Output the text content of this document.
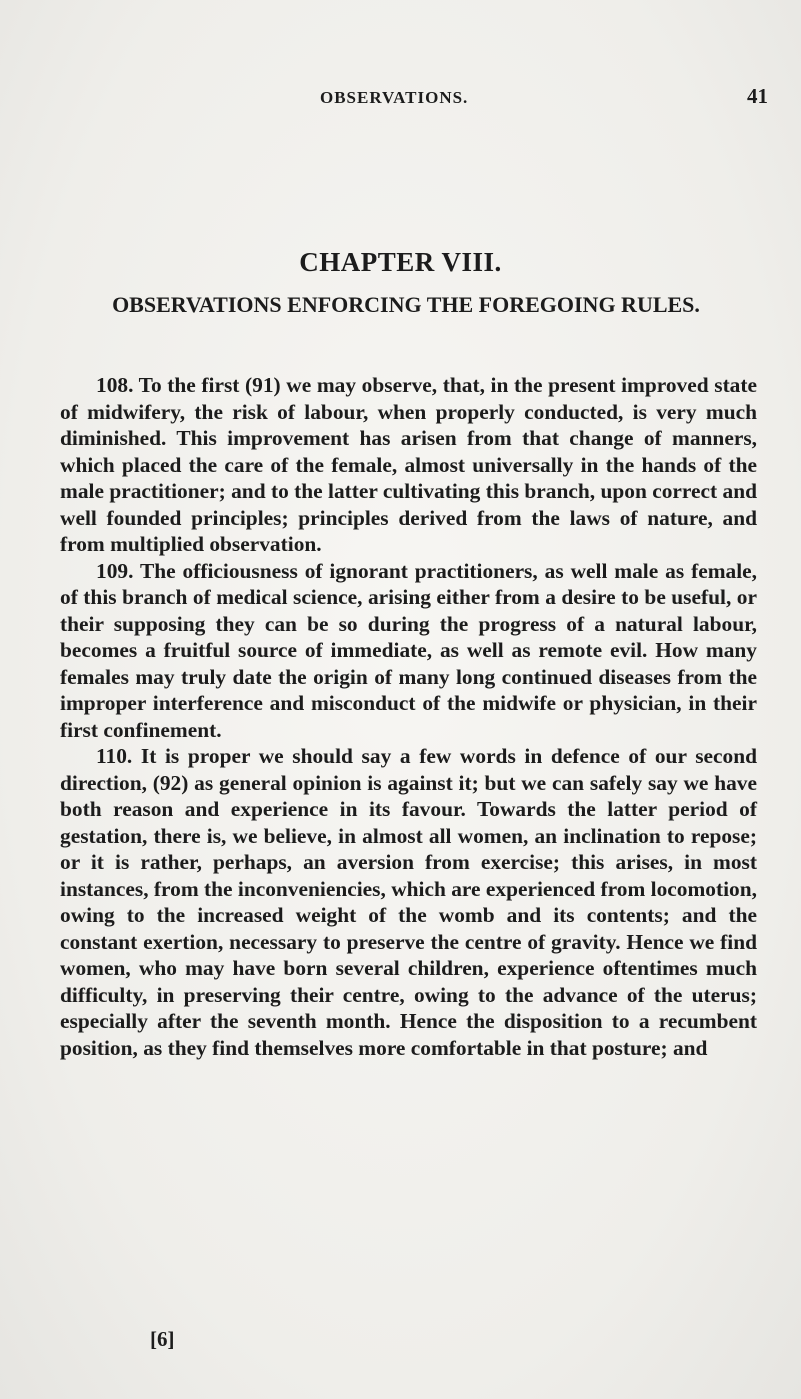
OBSERVATIONS.	41
CHAPTER VIII.
OBSERVATIONS ENFORCING THE FOREGOING RULES.

108. To the first (91) we may observe, that, in the present improved state of midwifery, the risk of labour, when properly conducted, is very much diminished. This improvement has arisen from that change of manners, which placed the care of the female, almost universally in the hands of the male practitioner; and to the latter cultivating this branch, upon correct and well founded principles; principles derived from the laws of nature, and from multiplied observation.

109. The officiousness of ignorant practitioners, as well male as female, of this branch of medical science, arising either from a desire to be useful, or their supposing they can be so during the progress of a natural labour, becomes a fruitful source of immediate, as well as remote evil. How many females may truly date the origin of many long continued diseases from the improper interference and misconduct of the midwife or physician, in their first confinement.

110. It is proper we should say a few words in defence of our second direction, (92) as general opinion is against it; but we can safely say we have both reason and experience in its favour. Towards the latter period of gestation, there is, we believe, in almost all women, an inclination to repose; or it is rather, perhaps, an aversion from exercise; this arises, in most instances, from the inconveniencies, which are experienced from locomotion, owing to the increased weight of the womb and its contents; and the constant exertion, necessary to preserve the centre of gravity. Hence we find women, who may have born several children, experience oftentimes much difficulty, in preserving their centre, owing to the advance of the uterus; especially after the seventh month. Hence the disposition to a recumbent position, as they find themselves more comfortable in that posture; and

[6]
